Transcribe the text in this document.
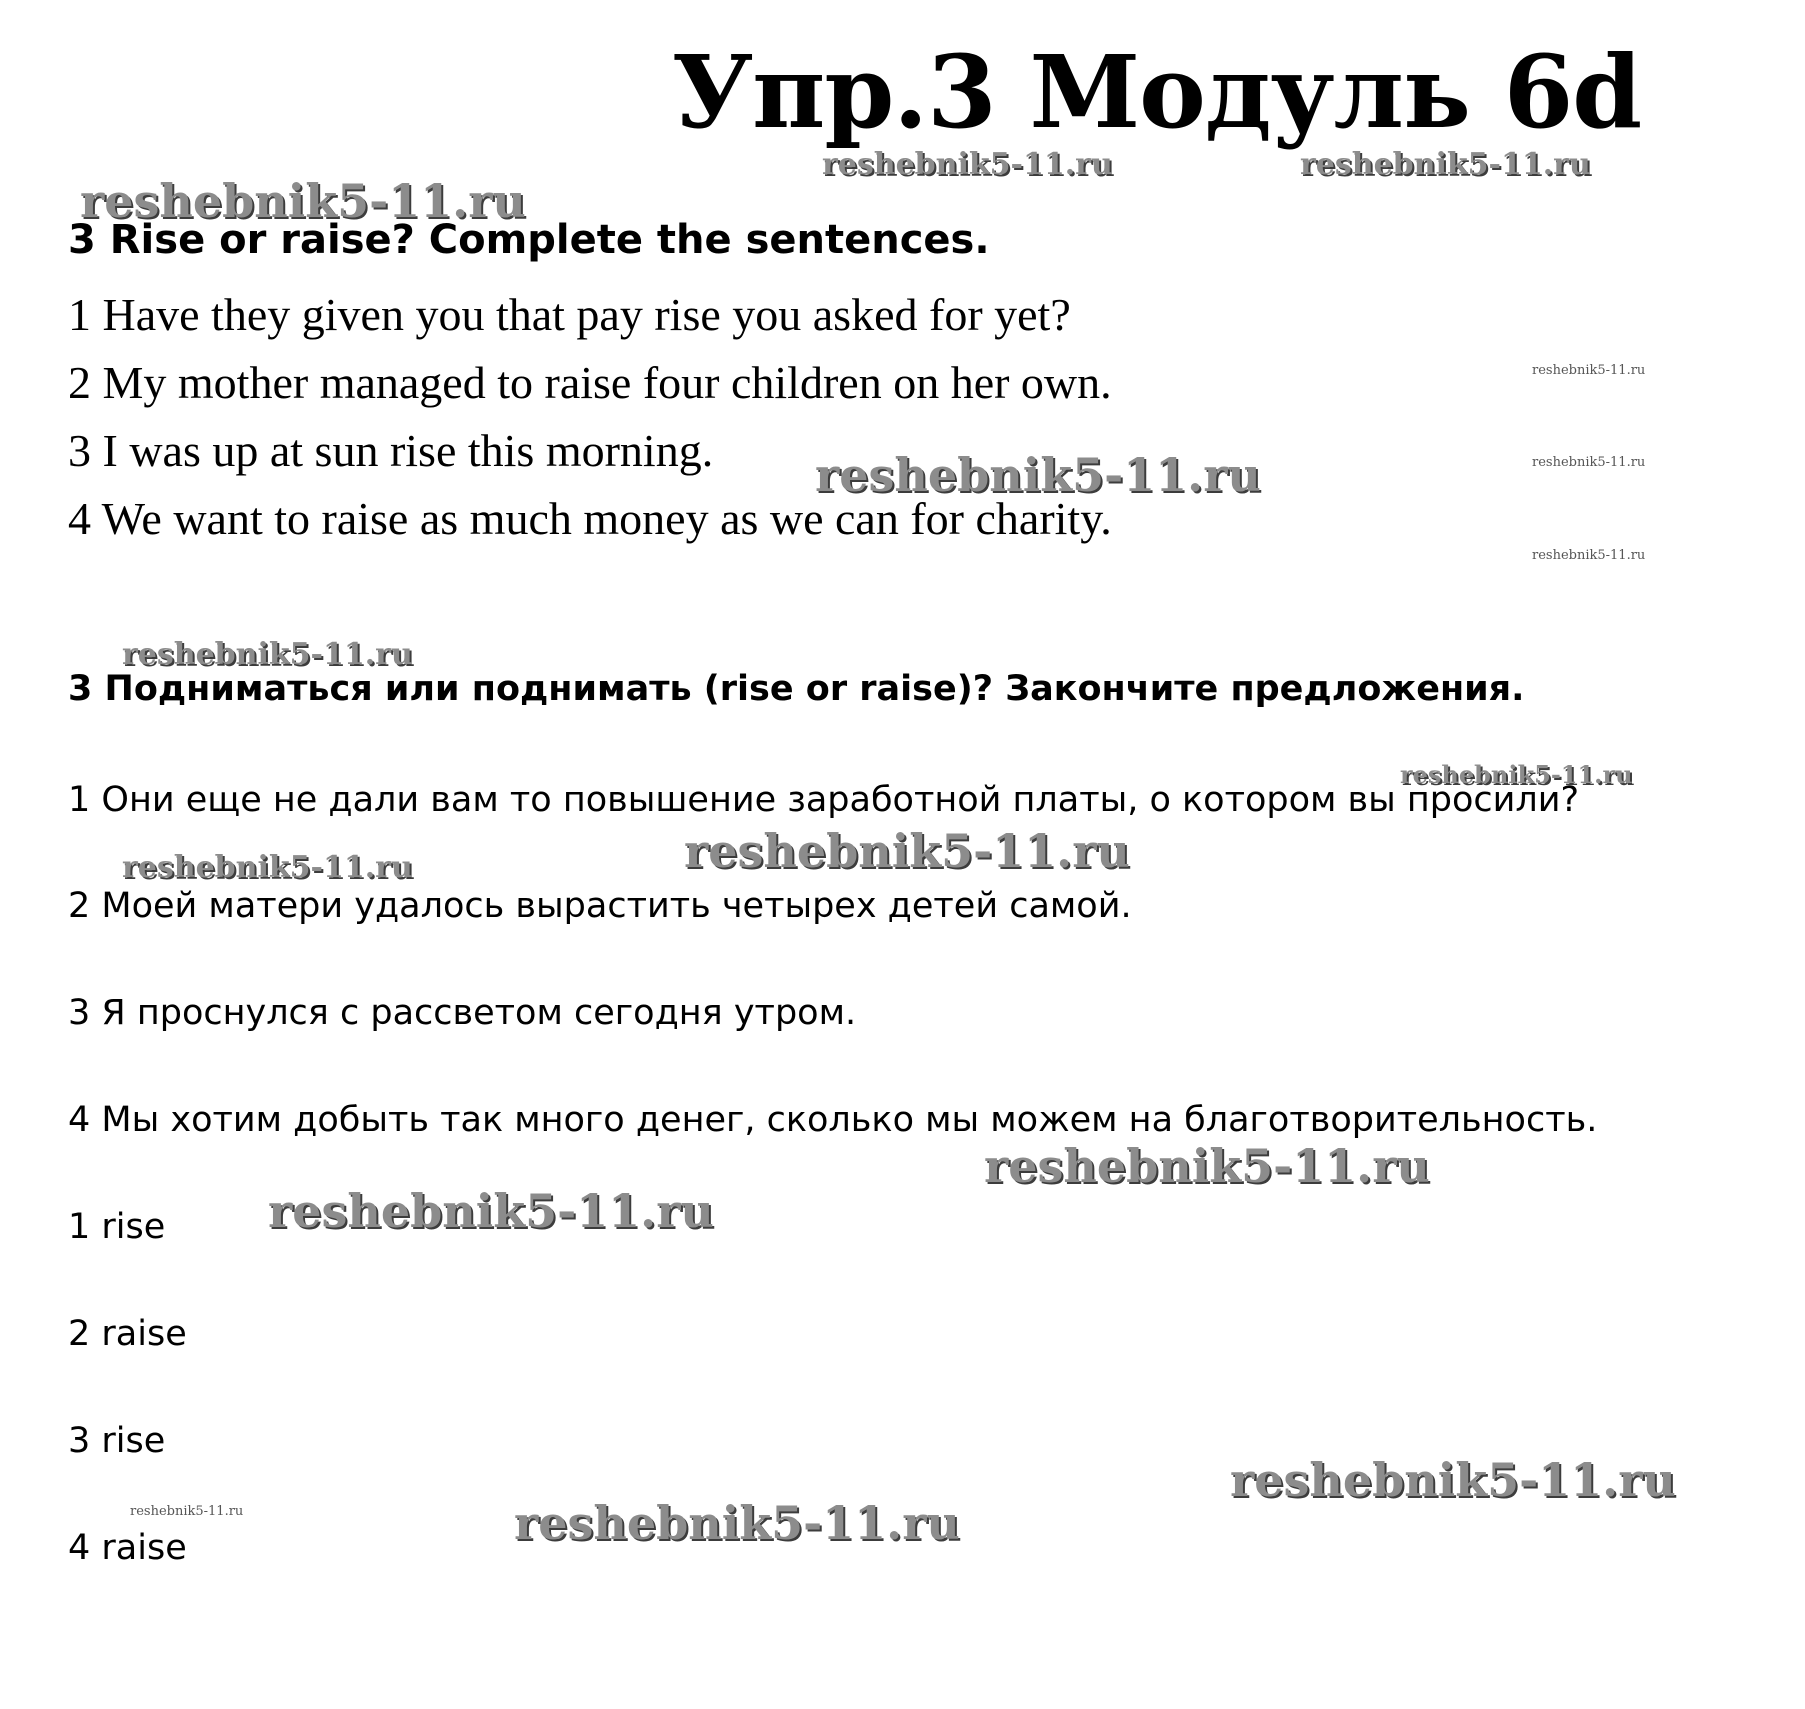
Упр.3 Модуль 6d
3 Rise or raise? Complete the sentences.
1 Have they given you that pay rise you asked for yet?
2 My mother managed to raise four children on her own.
3 I was up at sun rise this morning.
4 We want to raise as much money as we can for charity.
3 Подниматься или поднимать (rise or raise)? Закончите предложения.
1 Они еще не дали вам то повышение заработной платы, о котором вы просили?
2 Моей матери удалось вырастить четырех детей самой.
3 Я проснулся с рассветом сегодня утром.
4 Мы хотим добыть так много денег, сколько мы можем на благотворительность.
1 rise
2 raise
3 rise
4 raise
reshebnik5-11.ru	reshebnik5-11.ru
reshebnik5-11.ru
reshebnik5-11.ru
reshebnik5-11.ru	reshebnik5-11.ru
reshebnik5-11.ru
reshebnik5-11.ru
reshebnik5-11.ru
reshebnik5-11.ru
reshebnik5-11.ru
reshebnik5-11.ru
reshebnik5-11.ru
reshebnik5-11.ru
reshebnik5-11.ru	reshebnik5-11.ru
